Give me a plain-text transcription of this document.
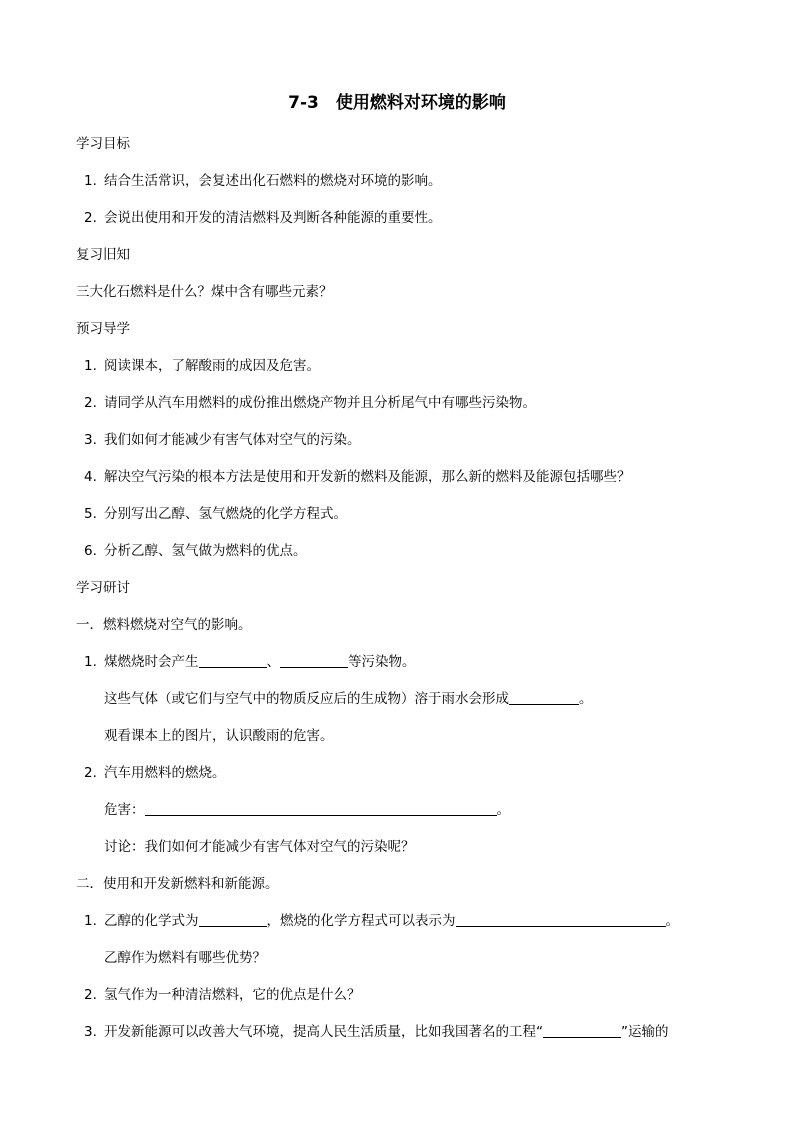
7-3　使用燃料对环境的影响
学习目标
1. 结合生活常识，会复述出化石燃料的燃烧对环境的影响。
2. 会说出使用和开发的清洁燃料及判断各种能源的重要性。
复习旧知
三大化石燃料是什么？煤中含有哪些元素？
预习导学
1. 阅读课本，了解酸雨的成因及危害。
2. 请同学从汽车用燃料的成份推出燃烧产物并且分析尾气中有哪些污染物。
3. 我们如何才能减少有害气体对空气的污染。
4. 解决空气污染的根本方法是使用和开发新的燃料及能源，那么新的燃料及能源包括哪些？
5. 分别写出乙醇、氢气燃烧的化学方程式。
6. 分析乙醇、氢气做为燃料的优点。
学习研讨
一．燃料燃烧对空气的影响。
1. 煤燃烧时会产生	、	等污染物。
这些气体（或它们与空气中的物质反应后的生成物）溶于雨水会形成	。
观看课本上的图片，认识酸雨的危害。
2. 汽车用燃料的燃烧。
危害：	。
讨论：我们如何才能减少有害气体对空气的污染呢？
二．使用和开发新燃料和新能源。
1. 乙醇的化学式为	，燃烧的化学方程式可以表示为	。
乙醇作为燃料有哪些优势？
2. 氢气作为一种清洁燃料，它的优点是什么？
3. 开发新能源可以改善大气环境，提高人民生活质量，比如我国著名的工程“	”运输的
